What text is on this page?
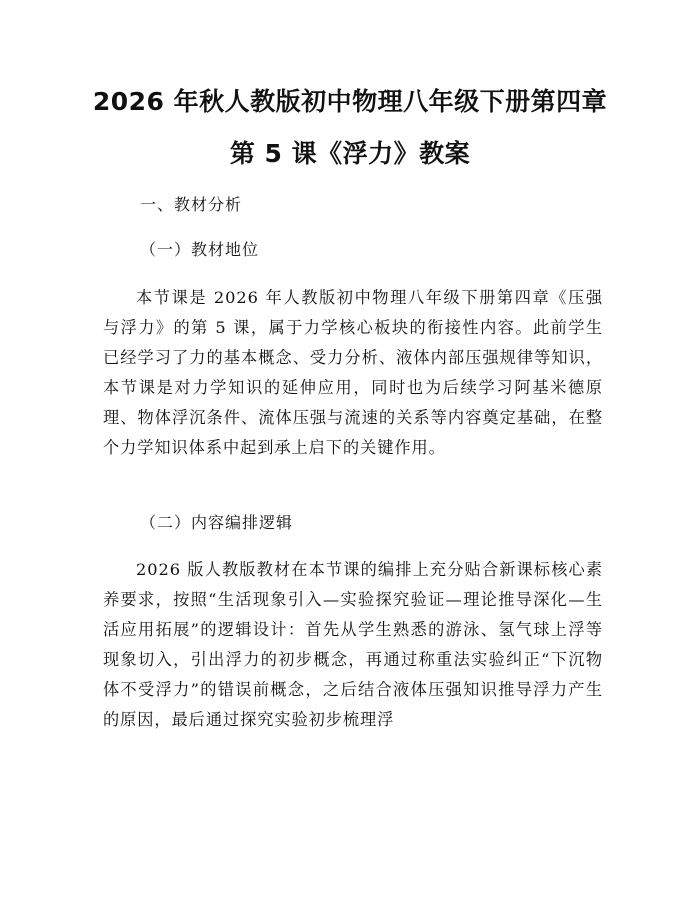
2026 年秋人教版初中物理八年级下册第四章
第 5 课《浮力》教案
一、教材分析
（一）教材地位

本节课是 2026 年人教版初中物理八年级下册第四章《压强与浮力》的第 5 课，属于力学核心板块的衔接性内容。此前学生已经学习了力的基本概念、受力分析、液体内部压强规律等知识，本节课是对力学知识的延伸应用，同时也为后续学习阿基米德原理、物体浮沉条件、流体压强与流速的关系等内容奠定基础，在整个力学知识体系中起到承上启下的关键作用。

（二）内容编排逻辑

2026 版人教版教材在本节课的编排上充分贴合新课标核心素养要求，按照“生活现象引入—实验探究验证—理论推导深化—生活应用拓展”的逻辑设计：首先从学生熟悉的游泳、氢气球上浮等现象切入，引出浮力的初步概念，再通过称重法实验纠正“下沉物体不受浮力”的错误前概念，之后结合液体压强知识推导浮力产生的原因，最后通过探究实验初步梳理浮
